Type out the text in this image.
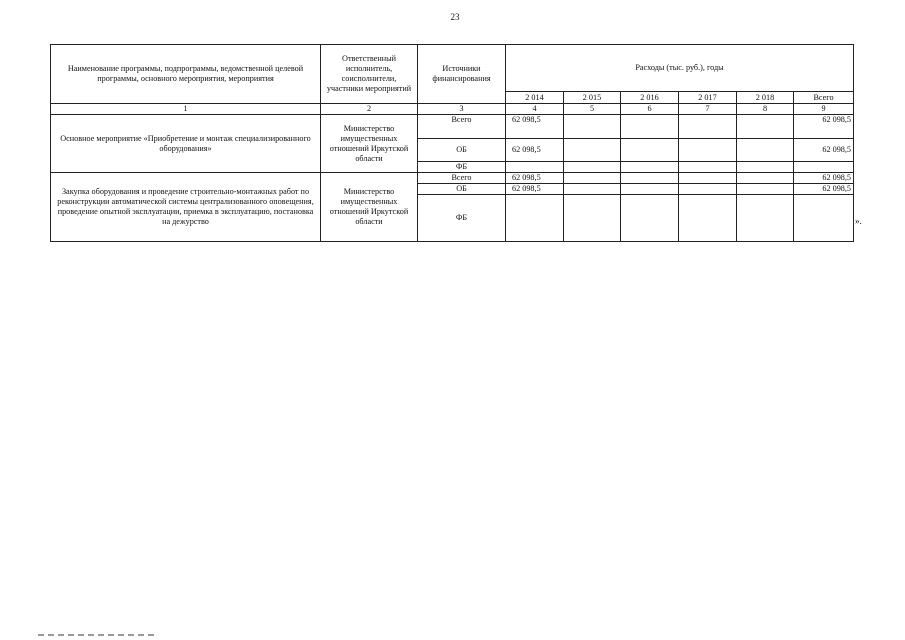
23
Наименование программы, подпрограммы, ведомственной целевой программы, основного мероприятия, мероприятия	Ответственный исполнитель, соисполнители, участники мероприятий	Источники финансирования	Расходы (тыс. руб.), годы					
			2 014	2 015	2 016	2 017	2 018	Всего
1	2	3	4	5	6	7	8	9
Основное мероприятие «Приобретение и монтаж специализированного оборудования»	Министерство имущественных отношений Иркутской области	Всего	62 098,5					62 098,5
		ОБ	62 098,5					62 098,5
		ФБ						
Закупка оборудования и проведение строительно-монтажных работ по реконструкции автоматической системы централизованного оповещения, проведение опытной эксплуатации, приемка в эксплуатацию, постановка на дежурство	Министерство имущественных отношений Иркутской области	Всего	62 098,5					62 098,5
		ОБ	62 098,5					62 098,5
		ФБ							».
